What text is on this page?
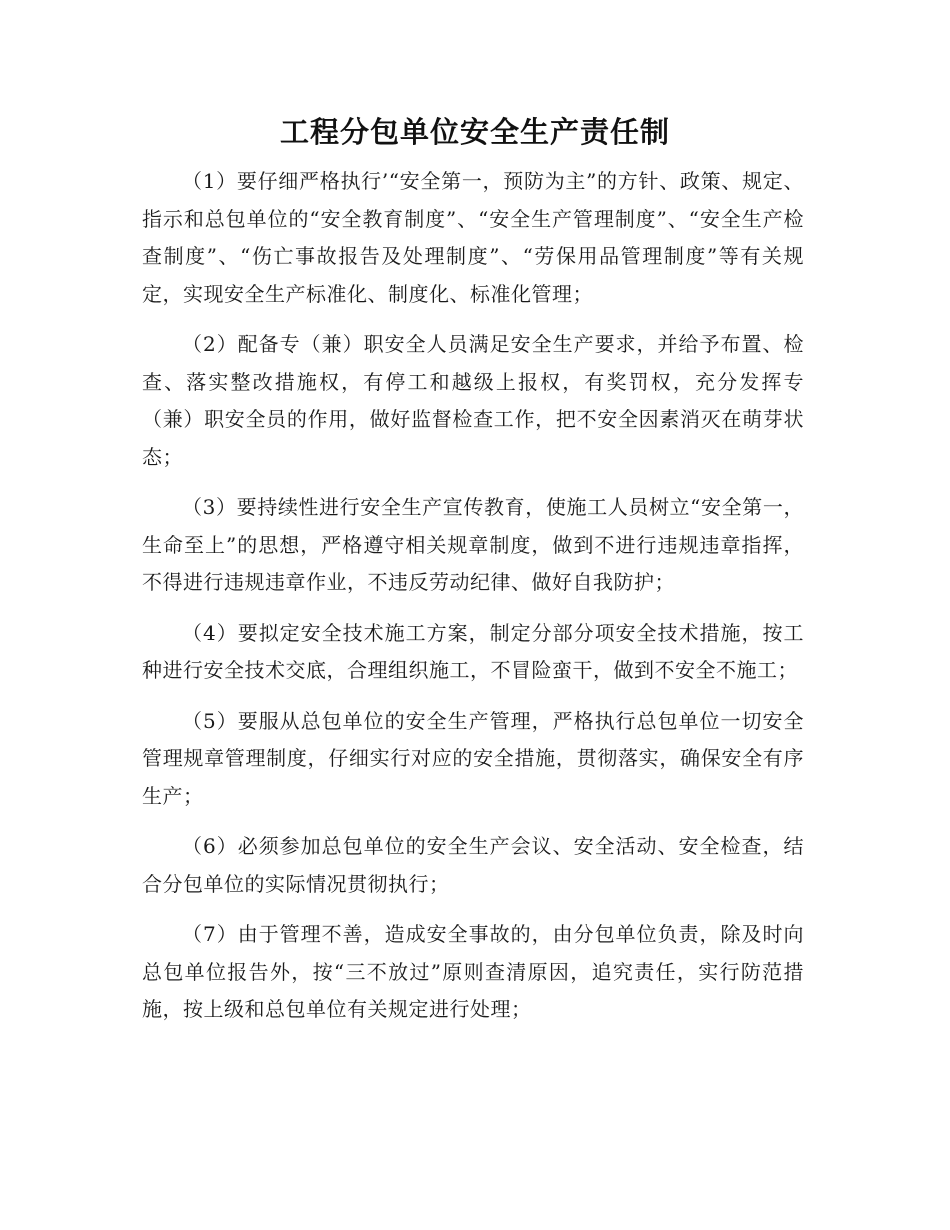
工程分包单位安全生产责任制

（1）要仔细严格执行’“安全第一，预防为主”的方针、政策、规定、指示和总包单位的“安全教育制度”、“安全生产管理制度”、“安全生产检查制度”、“伤亡事故报告及处理制度”、“劳保用品管理制度”等有关规定，实现安全生产标准化、制度化、标准化管理；

（2）配备专（兼）职安全人员满足安全生产要求，并给予布置、检查、落实整改措施权，有停工和越级上报权，有奖罚权，充分发挥专（兼）职安全员的作用，做好监督检查工作，把不安全因素消灭在萌芽状态；

（3）要持续性进行安全生产宣传教育，使施工人员树立“安全第一，生命至上”的思想，严格遵守相关规章制度，做到不进行违规违章指挥，不得进行违规违章作业，不违反劳动纪律、做好自我防护；

（4）要拟定安全技术施工方案，制定分部分项安全技术措施，按工种进行安全技术交底，合理组织施工，不冒险蛮干，做到不安全不施工；

（5）要服从总包单位的安全生产管理，严格执行总包单位一切安全管理规章管理制度，仔细实行对应的安全措施，贯彻落实，确保安全有序生产；

（6）必须参加总包单位的安全生产会议、安全活动、安全检查，结合分包单位的实际情况贯彻执行；

（7）由于管理不善，造成安全事故的，由分包单位负责，除及时向总包单位报告外，按“三不放过”原则查清原因，追究责任，实行防范措施，按上级和总包单位有关规定进行处理；
